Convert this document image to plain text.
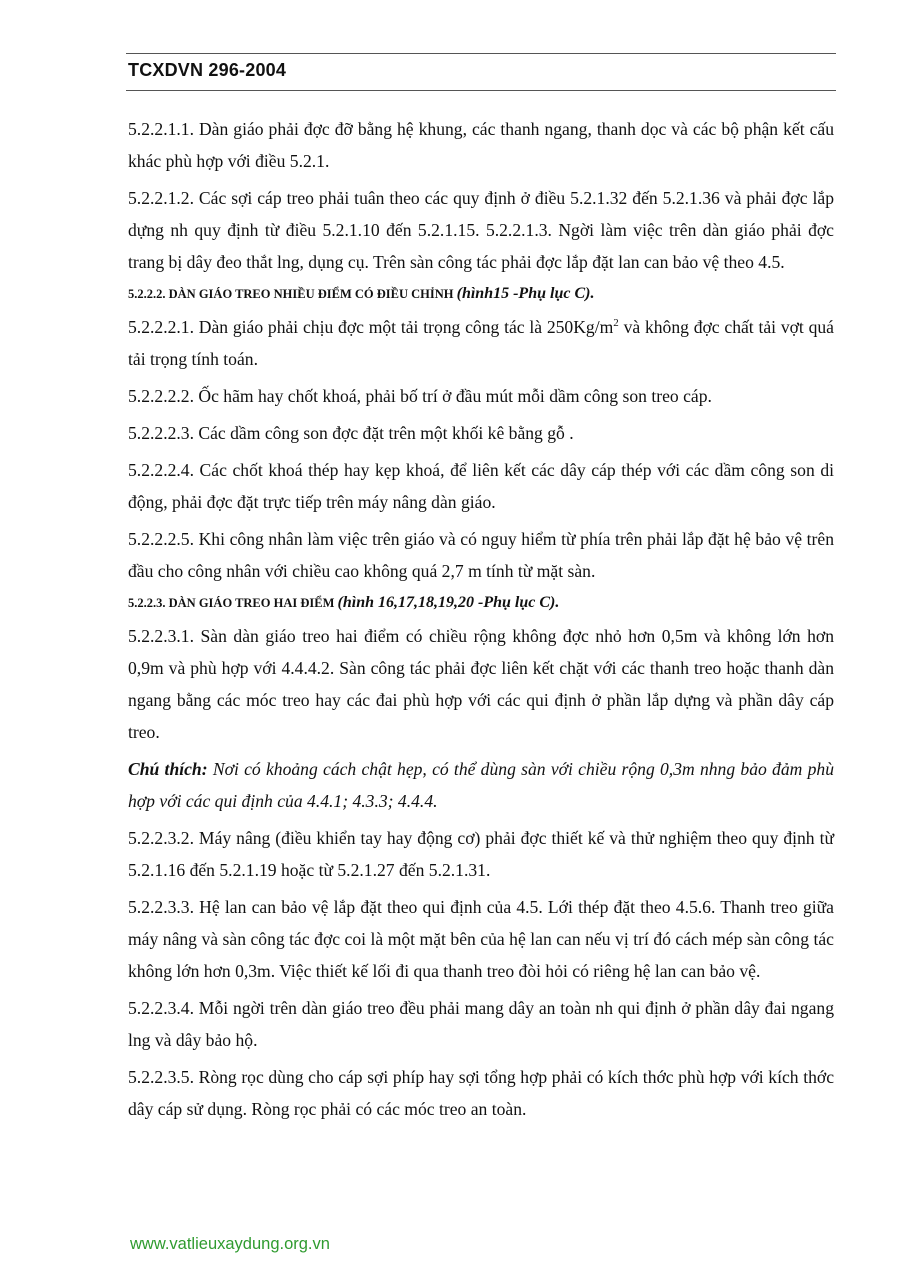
TCXDVN 296-2004

5.2.2.1.1. Dàn giáo phải đợc đỡ bằng hệ khung, các thanh ngang, thanh dọc và các bộ phận kết cấu khác phù hợp với điều 5.2.1.

5.2.2.1.2. Các sợi cáp treo phải tuân theo các quy định ở điều 5.2.1.32 đến 5.2.1.36 và phải đợc lắp dựng nh quy định từ điều 5.2.1.10 đến 5.2.1.15. 5.2.2.1.3. Ngời làm việc trên dàn giáo phải đợc trang bị dây đeo thắt lng, dụng cụ. Trên sàn công tác phải đợc lắp đặt lan can bảo vệ theo 4.5.

5.2.2.2. DÀN GIÁO TREO NHIỀU ĐIỂM CÓ ĐIỀU CHỈNH (hình15 -Phụ lục C).

5.2.2.2.1. Dàn giáo phải chịu đợc một tải trọng công tác là $250Kg/m^2$ và không đợc chất tải vợt quá tải trọng tính toán.

5.2.2.2.2. Ốc hãm hay chốt khoá, phải bố trí ở đầu mút mỗi dầm công son treo cáp.

5.2.2.2.3. Các dầm công son đợc đặt trên một khối kê bằng gỗ .

5.2.2.2.4. Các chốt khoá thép hay kẹp khoá, để liên kết các dây cáp thép với các dầm công son di động, phải đợc đặt trực tiếp trên máy nâng dàn giáo.

5.2.2.2.5. Khi công nhân làm việc trên giáo và có nguy hiểm từ phía trên phải lắp đặt hệ bảo vệ trên đầu cho công nhân với chiều cao không quá 2,7 m tính từ mặt sàn.

5.2.2.3. DÀN GIÁO TREO HAI ĐIỂM (hình 16,17,18,19,20 -Phụ lục C).

5.2.2.3.1. Sàn dàn giáo treo hai điểm có chiều rộng không đợc nhỏ hơn 0,5m và không lớn hơn 0,9m và phù hợp với 4.4.4.2. Sàn công tác phải đợc liên kết chặt với các thanh treo hoặc thanh dàn ngang bằng các móc treo hay các đai phù hợp với các qui định ở phần lắp dựng và phần dây cáp treo.

Chú thích: Nơi có khoảng cách chật hẹp, có thể dùng sàn với chiều rộng 0,3m nhng bảo đảm phù hợp với các qui định của 4.4.1; 4.3.3; 4.4.4.

5.2.2.3.2. Máy nâng (điều khiển tay hay động cơ) phải đợc thiết kế và thử nghiệm theo quy định từ 5.2.1.16 đến 5.2.1.19 hoặc từ 5.2.1.27 đến 5.2.1.31.

5.2.2.3.3. Hệ lan can bảo vệ lắp đặt theo qui định của 4.5. Lới thép đặt theo 4.5.6. Thanh treo giữa máy nâng và sàn công tác đợc coi là một mặt bên của hệ lan can nếu vị trí đó cách mép sàn công tác không lớn hơn 0,3m. Việc thiết kế lối đi qua thanh treo đòi hỏi có riêng hệ lan can bảo vệ.

5.2.2.3.4. Mỗi ngời trên dàn giáo treo đều phải mang dây an toàn nh qui định ở phần dây đai ngang lng và dây bảo hộ.

5.2.2.3.5. Ròng rọc dùng cho cáp sợi phíp hay sợi tổng hợp phải có kích thớc phù hợp với kích thớc dây cáp sử dụng. Ròng rọc phải có các móc treo an toàn.

www.vatlieuxaydung.org.vn
